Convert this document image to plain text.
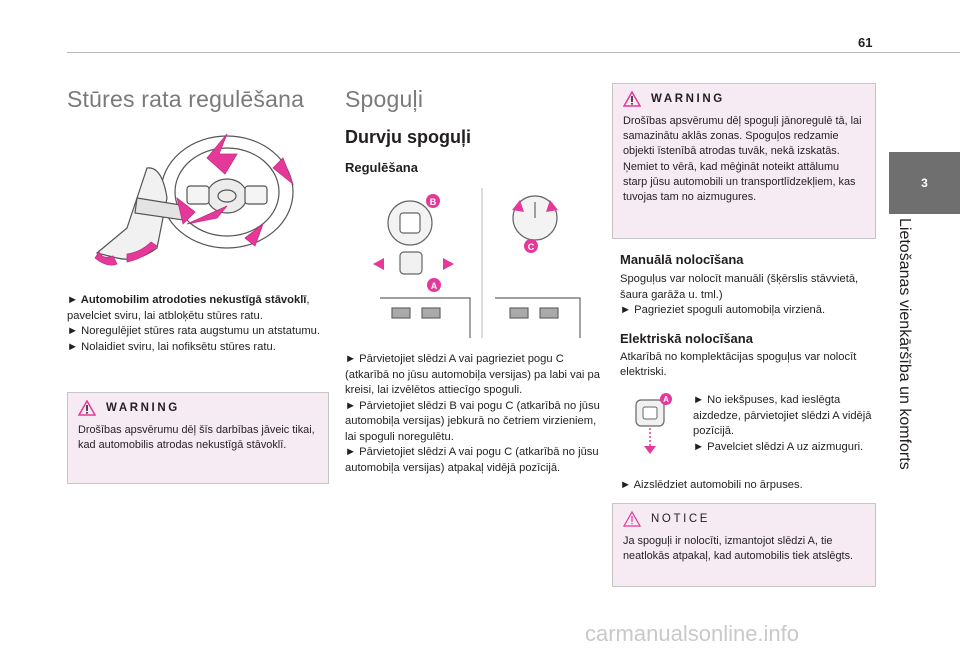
61
3
Lietošanas vienkāršība un komforts
Stūres rata regulēšana

► Automobilim atrodoties nekustīgā stāvoklī, pavelciet sviru, lai atbloķētu stūres ratu.

► Noregulējiet stūres rata augstumu un atstatumu.

► Nolaidiet sviru, lai nofiksētu stūres ratu.

WARNING
Drošības apsvērumu dēļ šīs darbības jāveic tikai, kad automobilis atrodas nekustīgā stāvoklī.
Spoguļi
Durvju spoguļi
Regulēšana
B
A
C

► Pārvietojiet slēdzi A vai pagrieziet pogu C (atkarībā no jūsu automobiļa versijas) pa labi vai pa kreisi, lai izvēlētos attiecīgo spoguli.

► Pārvietojiet slēdzi B vai pogu C (atkarībā no jūsu automobiļa versijas) jebkurā no četriem virzieniem, lai spoguli noregulētu.

► Pārvietojiet slēdzi A vai pogu C (atkarībā no jūsu automobiļa versijas) atpakaļ vidējā pozīcijā.

WARNING
Drošības apsvērumu dēļ spoguļi jānoregulē tā, lai samazinātu aklās zonas. Spoguļos redzamie objekti īstenībā atrodas tuvāk, nekā izskatās. Ņemiet to vērā, kad mēģināt noteikt attālumu starp jūsu automobili un transportlīdzekļiem, kas tuvojas tam no aizmugures.
Manuālā nolocīšana

Spoguļus var nolocīt manuāli (šķērslis stāvvietā, šaura garāža u. tml.)

► Pagrieziet spoguli automobiļa virzienā.

Elektriskā nolocīšana

Atkarībā no komplektācijas spoguļus var nolocīt elektriski.

A ► No iekšpuses, kad ieslēgta aizdedze, pārvietojiet slēdzi A vidējā pozīcijā.

► Pavelciet slēdzi A uz aizmuguri.

► Aizslēdziet automobili no ārpuses.

NOTICE
Ja spoguļi ir nolocīti, izmantojot slēdzi A, tie neatlokās atpakaļ, kad automobilis tiek atslēgts.
carmanualsonline.info
